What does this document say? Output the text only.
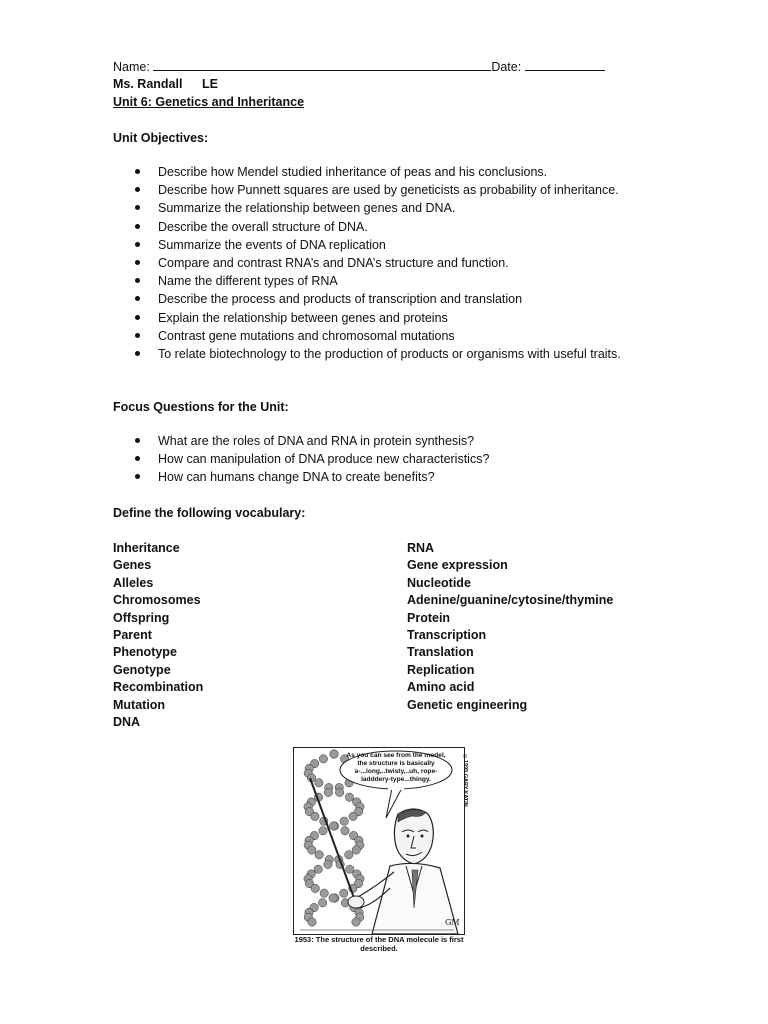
Name:	Date:
Ms. Randall LE
Unit 6: Genetics and Inheritance
Unit Objectives:
Describe how Mendel studied inheritance of peas and his conclusions.
Describe how Punnett squares are used by geneticists as probability of inheritance.
Summarize the relationship between genes and DNA.
Describe the overall structure of DNA.
Summarize the events of DNA replication
Compare and contrast RNA’s and DNA’s structure and function.
Name the different types of RNA
Describe the process and products of transcription and translation
Explain the relationship between genes and proteins
Contrast gene mutations and chromosomal mutations
To relate biotechnology to the production of products or organisms with useful traits.
Focus Questions for the Unit:
What are the roles of DNA and RNA in protein synthesis?
How can manipulation of DNA produce new characteristics?
How can humans change DNA to create benefits?
Define the following vocabulary:
Inheritance
Genes
Alleles
Chromosomes
Offspring
Parent
Phenotype
Genotype
Recombination
Mutation
DNA
RNA
Gene expression
Nucleotide
Adenine/guanine/cytosine/thymine
Protein
Transcription
Translation
Replication
Amino acid
Genetic engineering
As you can see from the model, the structure is basically a-...long,..twisty,..uh, rope-ladddery-type...thingy.	©1995 GARY.KATIN
GM
1953: The structure of the DNA molecule is first described.
